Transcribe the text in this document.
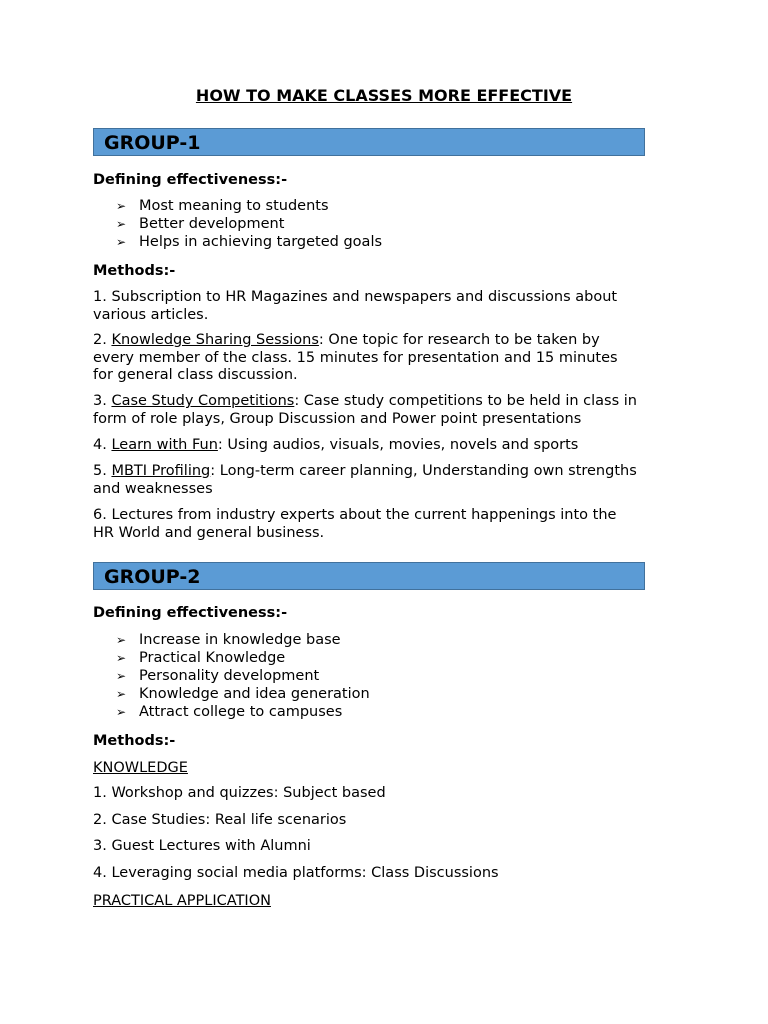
HOW TO MAKE CLASSES MORE EFFECTIVE
GROUP-1
Defining effectiveness:-
➢ Most meaning to students
➢ Better development
➢ Helps in achieving targeted goals
Methods:-
1. Subscription to HR Magazines and newspapers and discussions about
various articles.
2. Knowledge Sharing Sessions: One topic for research to be taken by
every member of the class. 15 minutes for presentation and 15 minutes
for general class discussion.
3. Case Study Competitions: Case study competitions to be held in class in
form of role plays, Group Discussion and Power point presentations
4. Learn with Fun: Using audios, visuals, movies, novels and sports
5. MBTI Profiling: Long-term career planning, Understanding own strengths
and weaknesses
6. Lectures from industry experts about the current happenings into the
HR World and general business.
GROUP-2
Defining effectiveness:-
➢ Increase in knowledge base
➢ Practical Knowledge
➢ Personality development
➢ Knowledge and idea generation
➢ Attract college to campuses
Methods:-
KNOWLEDGE
1. Workshop and quizzes: Subject based
2. Case Studies: Real life scenarios
3. Guest Lectures with Alumni
4. Leveraging social media platforms: Class Discussions
PRACTICAL APPLICATION
